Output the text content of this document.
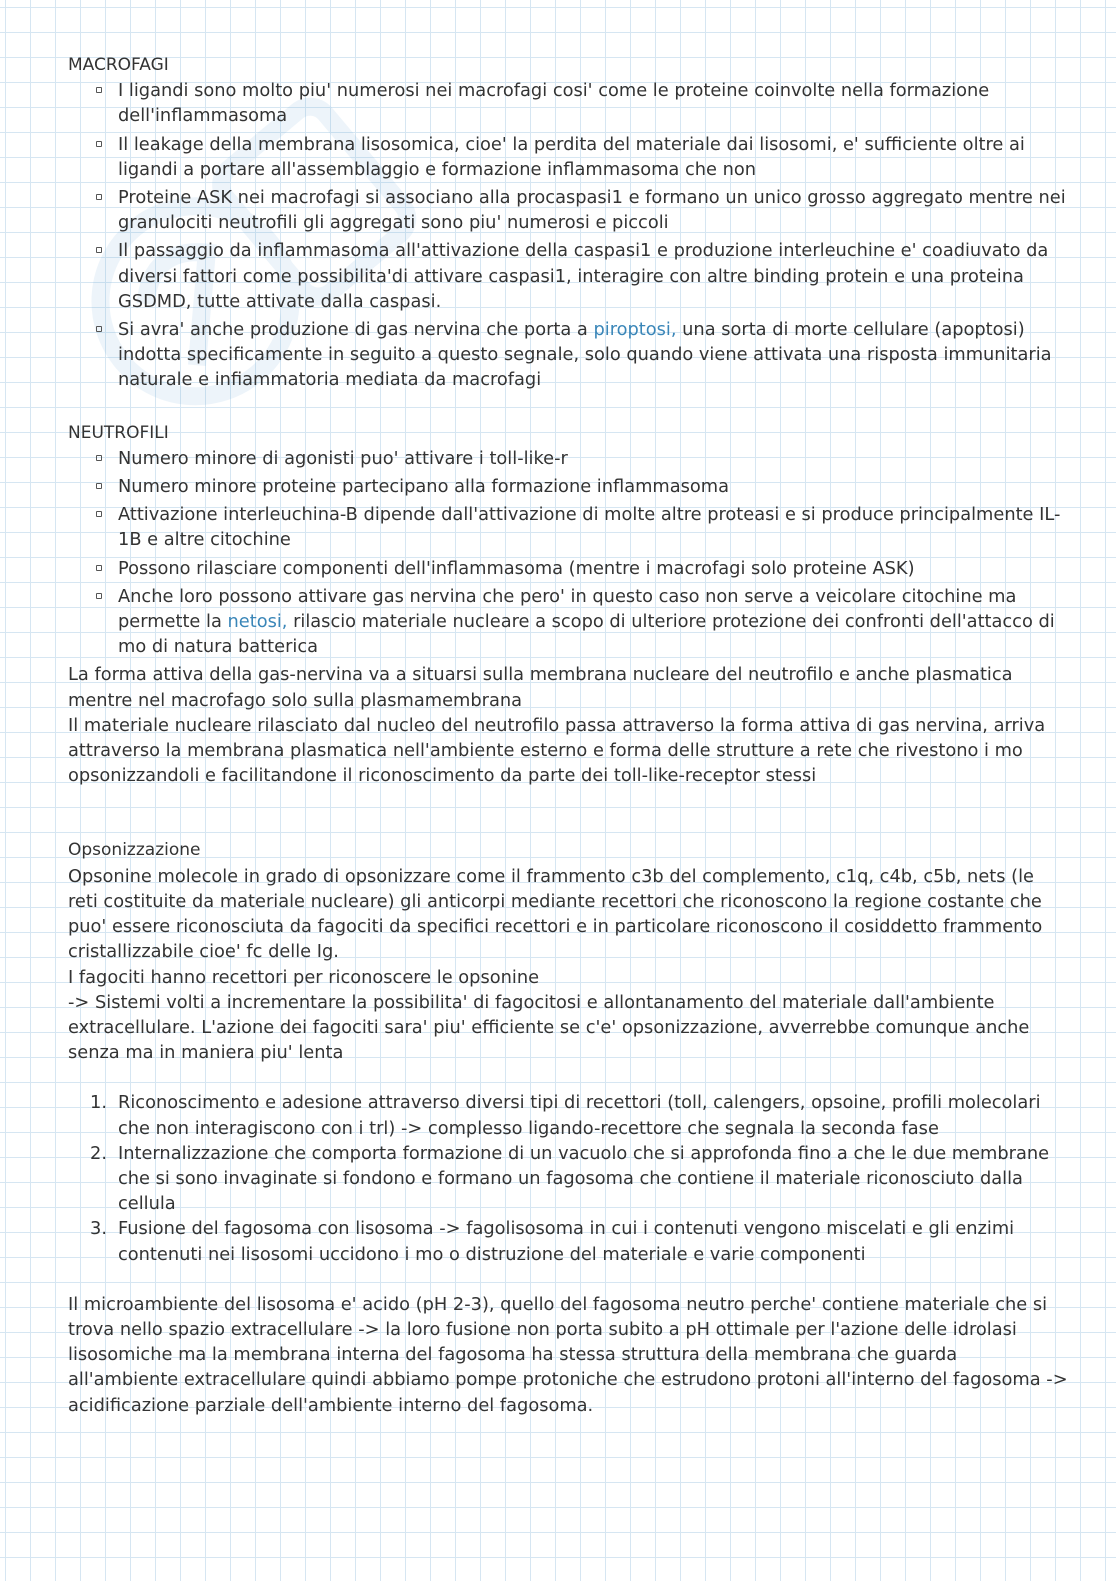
MACROFAGI

I ligandi sono molto piu' numerosi nei macrofagi cosi' come le proteine coinvolte nella formazione dell'inflammasoma
Il leakage della membrana lisosomica, cioe' la perdita del materiale dai lisosomi, e' sufficiente oltre ai ligandi a portare all'assemblaggio e formazione inflammasoma che non
Proteine ASK nei macrofagi si associano alla procaspasi1 e formano un unico grosso aggregato mentre nei granulociti neutrofili gli aggregati sono piu' numerosi e piccoli
Il passaggio da inflammasoma all'attivazione della caspasi1 e produzione interleuchine e' coadiuvato da diversi fattori come possibilita'di attivare caspasi1, interagire con altre binding protein e una proteina GSDMD, tutte attivate dalla caspasi.
Si avra' anche produzione di gas nervina che porta a piroptosi, una sorta di morte cellulare (apoptosi) indotta specificamente in seguito a questo segnale, solo quando viene attivata una risposta immunitaria naturale e infiammatoria mediata da macrofagi

NEUTROFILI

Numero minore di agonisti puo' attivare i toll-like-r
Numero minore proteine partecipano alla formazione inflammasoma
Attivazione interleuchina-B dipende dall'attivazione di molte altre proteasi e si produce principalmente IL-1B e altre citochine
Possono rilasciare componenti dell'inflammasoma (mentre i macrofagi solo proteine ASK)
Anche loro possono attivare gas nervina che pero' in questo caso non serve a veicolare citochine ma permette la netosi, rilascio materiale nucleare a scopo di ulteriore protezione dei confronti dell'attacco di mo di natura batterica

La forma attiva della gas-nervina va a situarsi sulla membrana nucleare del neutrofilo e anche plasmatica mentre nel macrofago solo sulla plasmamembrana

Il materiale nucleare rilasciato dal nucleo del neutrofilo passa attraverso la forma attiva di gas nervina, arriva attraverso la membrana plasmatica nell'ambiente esterno e forma delle strutture a rete che rivestono i mo opsonizzandoli e facilitandone il riconoscimento da parte dei toll-like-receptor stessi

Opsonizzazione

Opsonine molecole in grado di opsonizzare come il frammento c3b del complemento, c1q, c4b, c5b, nets (le reti costituite da materiale nucleare) gli anticorpi mediante recettori che riconoscono la regione costante che puo' essere riconosciuta da fagociti da specifici recettori e in particolare riconoscono il cosiddetto frammento cristallizzabile cioe' fc delle Ig.

I fagociti hanno recettori per riconoscere le opsonine

-> Sistemi volti a incrementare la possibilita' di fagocitosi e allontanamento del materiale dall'ambiente extracellulare. L'azione dei fagociti sara' piu' efficiente se c'e' opsonizzazione, avverrebbe comunque anche senza ma in maniera piu' lenta

1. Riconoscimento e adesione attraverso diversi tipi di recettori (toll, calengers, opsoine, profili molecolari che non interagiscono con i trl) -> complesso ligando-recettore che segnala la seconda fase
2. Internalizzazione che comporta formazione di un vacuolo che si approfonda fino a che le due membrane che si sono invaginate si fondono e formano un fagosoma che contiene il materiale riconosciuto dalla cellula
3. Fusione del fagosoma con lisosoma -> fagolisosoma in cui i contenuti vengono miscelati e gli enzimi contenuti nei lisosomi uccidono i mo o distruzione del materiale e varie componenti

Il microambiente del lisosoma e' acido (pH 2-3), quello del fagosoma neutro perche' contiene materiale che si trova nello spazio extracellulare -> la loro fusione non porta subito a pH ottimale per l'azione delle idrolasi lisosomiche ma la membrana interna del fagosoma ha stessa struttura della membrana che guarda all'ambiente extracellulare quindi abbiamo pompe protoniche che estrudono protoni all'interno del fagosoma -> acidificazione parziale dell'ambiente interno del fagosoma.
